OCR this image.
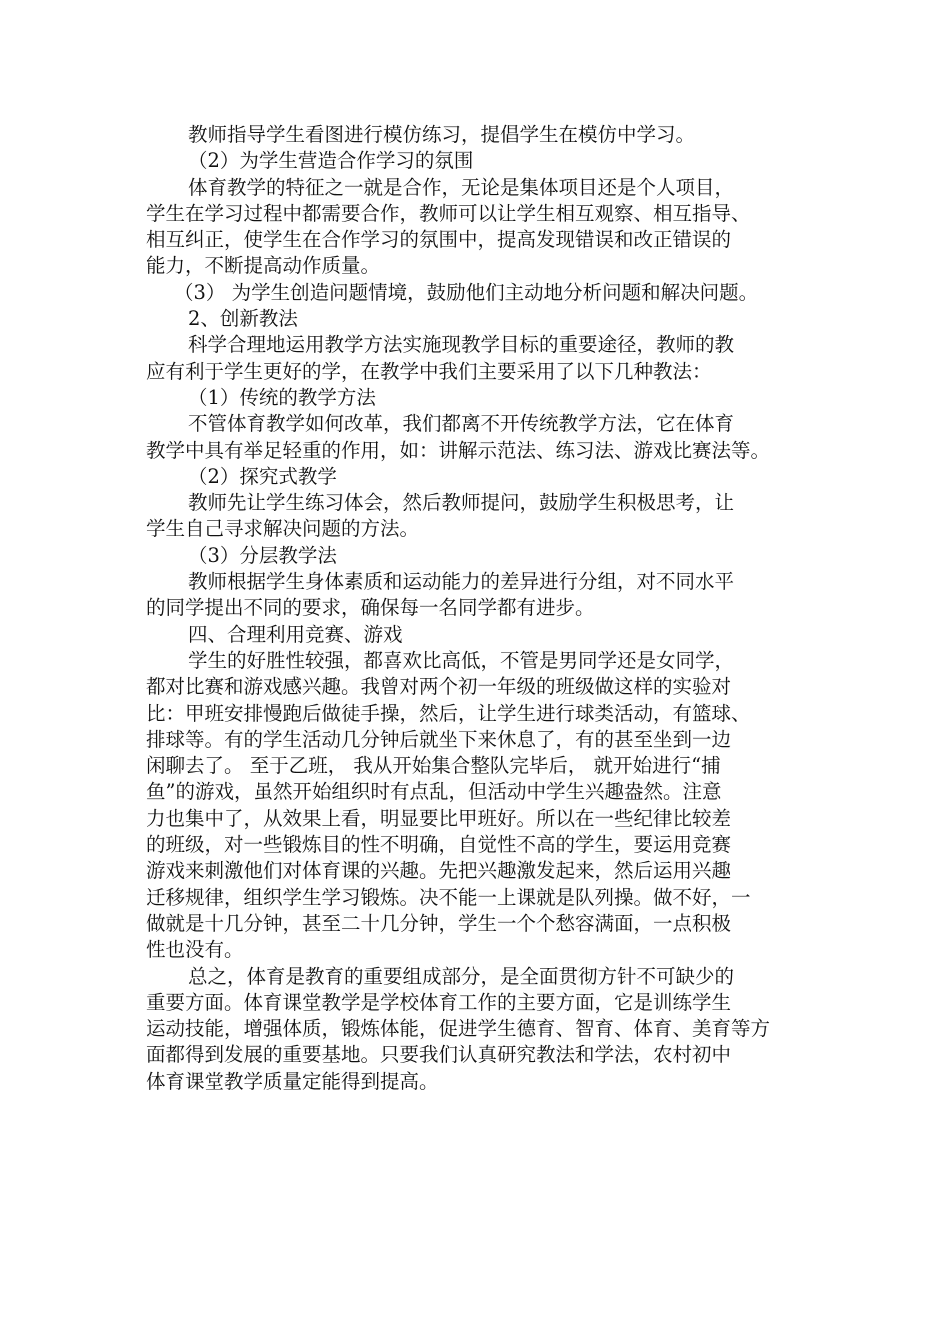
教师指导学生看图进行模仿练习，提倡学生在模仿中学习。
（2）为学生营造合作学习的氛围
体育教学的特征之一就是合作，无论是集体项目还是个人项目，
学生在学习过程中都需要合作，教师可以让学生相互观察、相互指导、
相互纠正，使学生在合作学习的氛围中，提高发现错误和改正错误的
能力，不断提高动作质量。
（3） 为学生创造问题情境，鼓励他们主动地分析问题和解决问题。
2、创新教法
科学合理地运用教学方法实施现教学目标的重要途径，教师的教
应有利于学生更好的学，在教学中我们主要采用了以下几种教法：
（1）传统的教学方法
不管体育教学如何改革，我们都离不开传统教学方法，它在体育
教学中具有举足轻重的作用，如：讲解示范法、练习法、游戏比赛法等。
（2）探究式教学
教师先让学生练习体会，然后教师提问，鼓励学生积极思考，让
学生自己寻求解决问题的方法。
（3）分层教学法
教师根据学生身体素质和运动能力的差异进行分组，对不同水平
的同学提出不同的要求，确保每一名同学都有进步。
四、合理利用竞赛、游戏
学生的好胜性较强，都喜欢比高低，不管是男同学还是女同学，
都对比赛和游戏感兴趣。我曾对两个初一年级的班级做这样的实验对
比：甲班安排慢跑后做徒手操，然后，让学生进行球类活动，有篮球、
排球等。有的学生活动几分钟后就坐下来休息了，有的甚至坐到一边
闲聊去了。 至于乙班， 我从开始集合整队完毕后， 就开始进行“捕
鱼”的游戏，虽然开始组织时有点乱，但活动中学生兴趣盎然。注意
力也集中了，从效果上看，明显要比甲班好。所以在一些纪律比较差
的班级，对一些锻炼目的性不明确，自觉性不高的学生，要运用竞赛
游戏来刺激他们对体育课的兴趣。先把兴趣激发起来，然后运用兴趣
迁移规律，组织学生学习锻炼。决不能一上课就是队列操。做不好，一
做就是十几分钟，甚至二十几分钟，学生一个个愁容满面，一点积极
性也没有。
总之，体育是教育的重要组成部分，是全面贯彻方针不可缺少的
重要方面。体育课堂教学是学校体育工作的主要方面，它是训练学生
运动技能，增强体质，锻炼体能，促进学生德育、智育、体育、美育等方
面都得到发展的重要基地。只要我们认真研究教法和学法，农村初中
体育课堂教学质量定能得到提高。
